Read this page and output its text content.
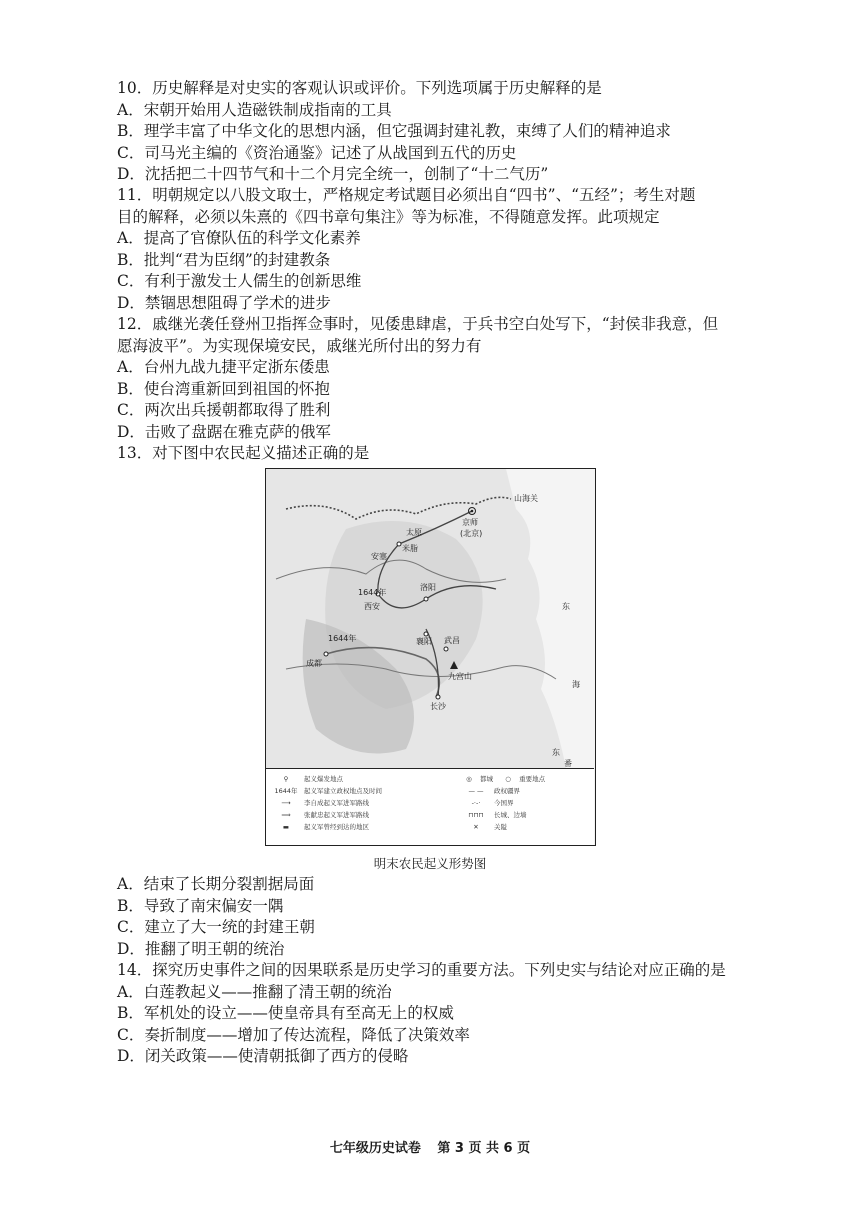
10．历史解释是对史实的客观认识或评价。下列选项属于历史解释的是
A．宋朝开始用人造磁铁制成指南的工具
B．理学丰富了中华文化的思想内涵，但它强调封建礼教，束缚了人们的精神追求
C．司马光主编的《资治通鉴》记述了从战国到五代的历史
D．沈括把二十四节气和十二个月完全统一，创制了“十二气历”
11．明朝规定以八股文取士，严格规定考试题目必须出自“四书”、“五经”；考生对题
目的解释，必须以朱熹的《四书章句集注》等为标准，不得随意发挥。此项规定
A．提高了官僚队伍的科学文化素养
B．批判“君为臣纲”的封建教条
C．有利于激发士人儒生的创新思维
D．禁锢思想阻碍了学术的进步
12．戚继光袭任登州卫指挥佥事时，见倭患肆虐，于兵书空白处写下，“封侯非我意，但
愿海波平”。为实现保境安民，戚继光所付出的努力有
A．台州九战九捷平定浙东倭患
B．使台湾重新回到祖国的怀抱
C．两次出兵援朝都取得了胜利
D．击败了盘踞在雅克萨的俄军
13．对下图中农民起义描述正确的是
山海关
京师
(北京)
太原
米脂
安塞
洛阳
西安
1644年
襄阳
成都
1644年	武昌
九宫山
长沙
东
海
东
番
⚲ 起义爆发地点
1644年 起义军建立政权地点及时间
⟶ 李自成起义军进军路线
⟹ 张献忠起义军进军路线
▬ 起义军曾经到达的地区
◎ 都城 ○ 重要地点
— — 政权疆界
-·-· 今国界
⊓⊓⊓ 长城、边墙
✕ 关隘
明末农民起义形势图
A．结束了长期分裂割据局面
B．导致了南宋偏安一隅
C．建立了大一统的封建王朝
D．推翻了明王朝的统治
14．探究历史事件之间的因果联系是历史学习的重要方法。下列史实与结论对应正确的是
A．白莲教起义——推翻了清王朝的统治
B．军机处的设立——使皇帝具有至高无上的权威
C．奏折制度——增加了传达流程，降低了决策效率
D．闭关政策——使清朝抵御了西方的侵略
七年级历史试卷 第 3 页 共 6 页
